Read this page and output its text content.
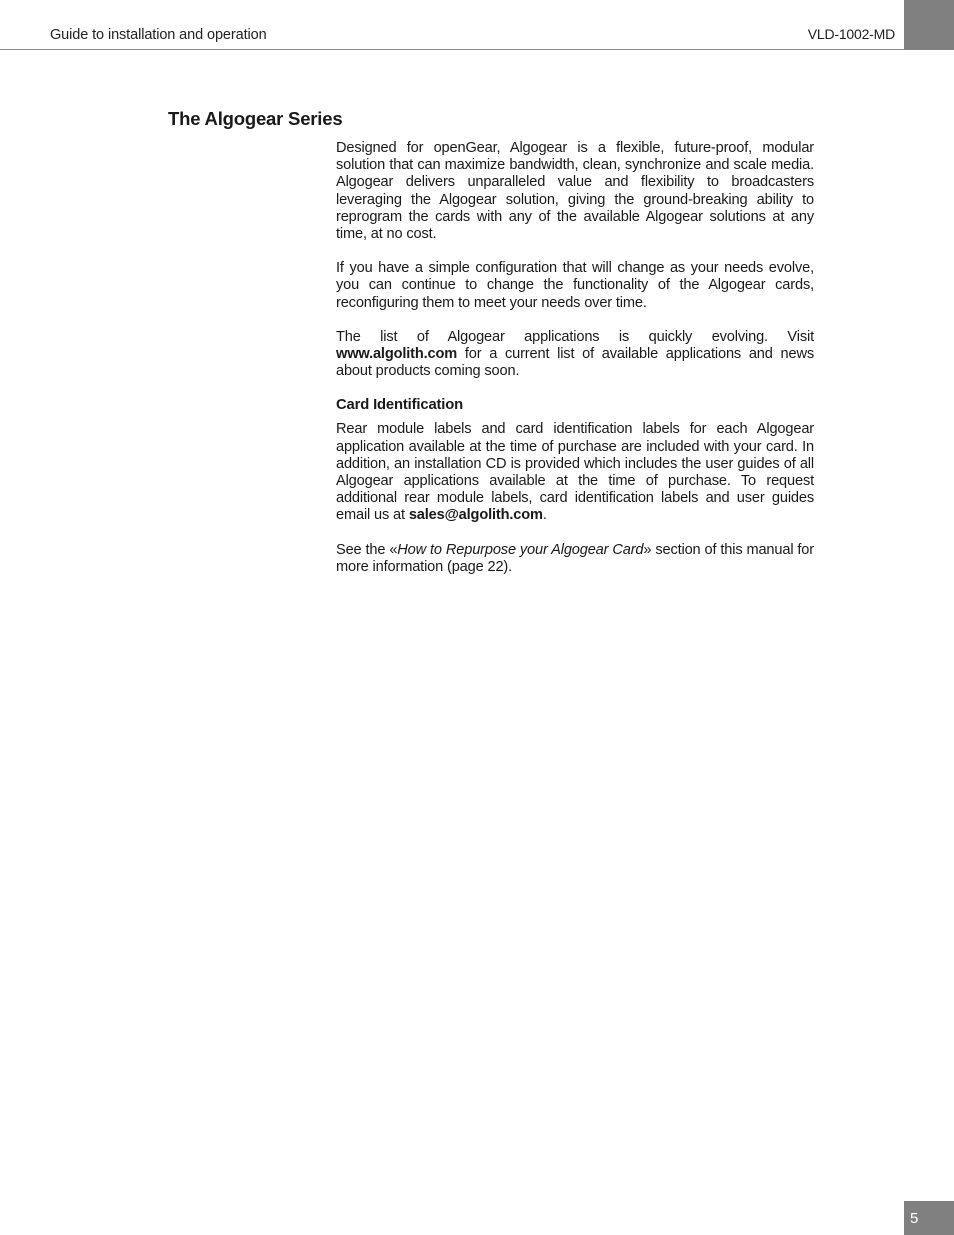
Guide to installation and operation	VLD-1002-MD
The Algogear Series

Designed for openGear, Algogear is a flexible, future-proof, modular solution that can maximize bandwidth, clean, synchronize and scale media. Algogear delivers unparalleled value and flexibility to broadcasters leveraging the Algogear solution, giving the ground-breaking ability to reprogram the cards with any of the available Algogear solutions at any time, at no cost.

If you have a simple configuration that will change as your needs evolve, you can continue to change the functionality of the Algogear cards, reconfiguring them to meet your needs over time.

The list of Algogear applications is quickly evolving. Visit www.algolith.com for a current list of available applications and news about products coming soon.

Card Identification

Rear module labels and card identification labels for each Algogear application available at the time of purchase are included with your card. In addition, an installation CD is provided which includes the user guides of all Algogear applications available at the time of purchase. To request additional rear module labels, card identification labels and user guides email us at sales@algolith.com.

See the «How to Repurpose your Algogear Card» section of this manual for more information (page 22).

5
